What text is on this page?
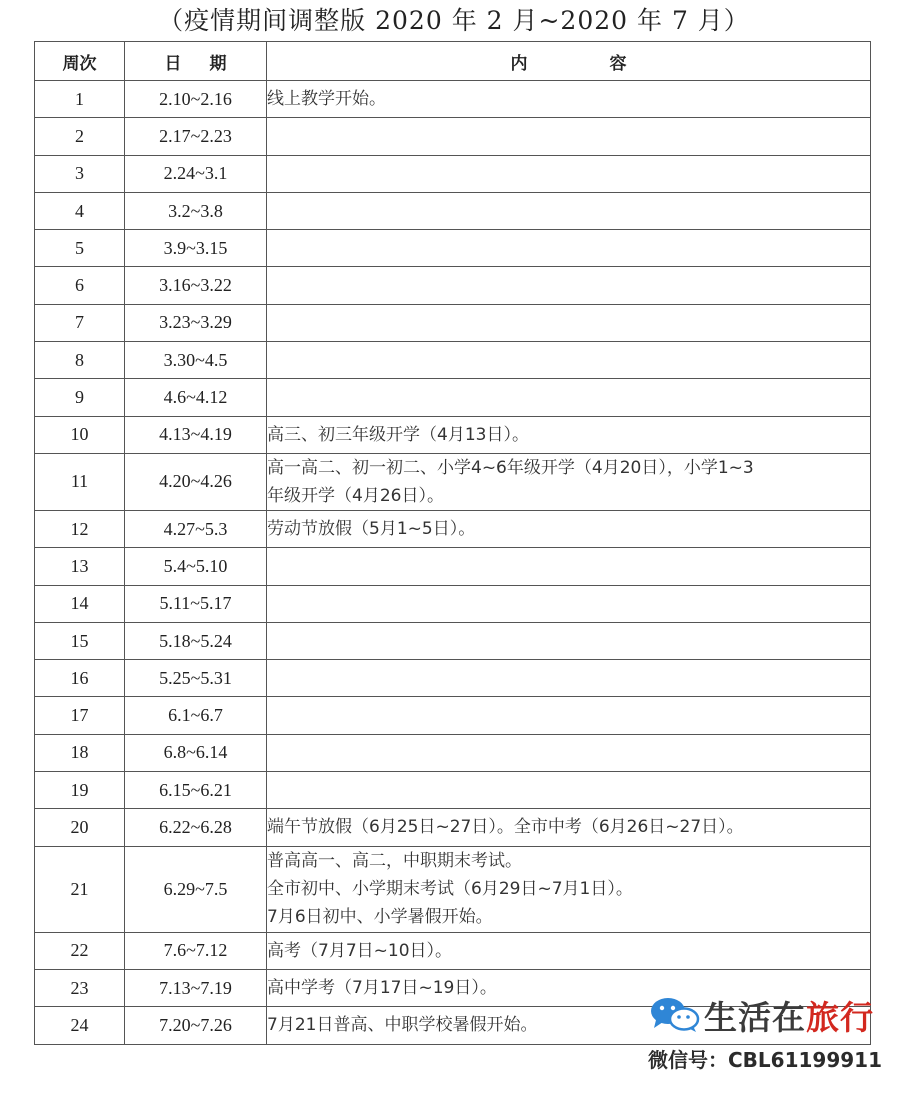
（疫情期间调整版 2020 年 2 月~2020 年 7 月）
周次	日期	内容
1	2.10~2.16	线上教学开始。

2	2.17~2.23	
3	2.24~3.1	
4	3.2~3.8	
5	3.9~3.15	
6	3.16~3.22	
7	3.23~3.29	
8	3.30~4.5	
9	4.6~4.12	
10	4.13~4.19	高三、初三年级开学（4月13日）。

11	4.20~4.26	高一高二、初一初二、小学4~6年级开学（4月20日），小学1~3
年级开学（4月26日）。

12	4.27~5.3	劳动节放假（5月1~5日）。

13	5.4~5.10	
14	5.11~5.17	
15	5.18~5.24	
16	5.25~5.31	
17	6.1~6.7	
18	6.8~6.14	
19	6.15~6.21	
20	6.22~6.28	端午节放假（6月25日~27日）。全市中考（6月26日~27日）。

21	6.29~7.5	普高高一、高二，中职期末考试。
全市初中、小学期末考试（6月29日~7月1日）。
7月6日初中、小学暑假开始。

22	7.6~7.12	高考（7月7日~10日）。

23	7.13~7.19	高中学考（7月17日~19日）。

24	7.20~7.26	7月21日普高、中职学校暑假开始。	生活在旅行
微信号：CBL61199911
